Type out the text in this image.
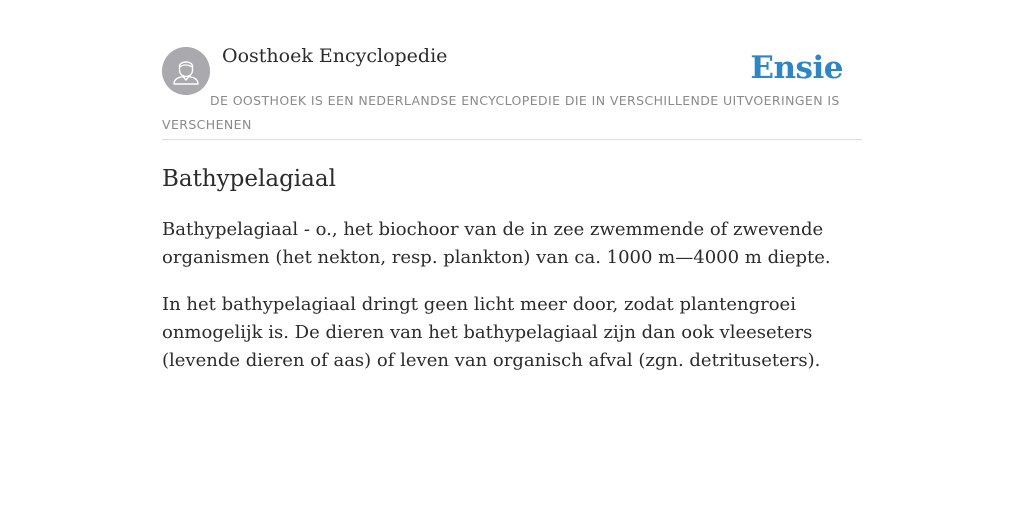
Oosthoek Encyclopedie	Ensie
DE OOSTHOEK IS EEN NEDERLANDSE ENCYCLOPEDIE DIE IN VERSCHILLENDE UITVOERINGEN IS VERSCHENEN
Bathypelagiaal

Bathypelagiaal - o., het biochoor van de in zee zwemmende of zwevende organismen (het nekton, resp. plankton) van ca. 1000 m—4000 m diepte.

In het bathypelagiaal dringt geen licht meer door, zodat plantengroei onmogelijk is. De dieren van het bathypelagiaal zijn dan ook vleeseters (levende dieren of aas) of leven van organisch afval (zgn. detrituseters).
